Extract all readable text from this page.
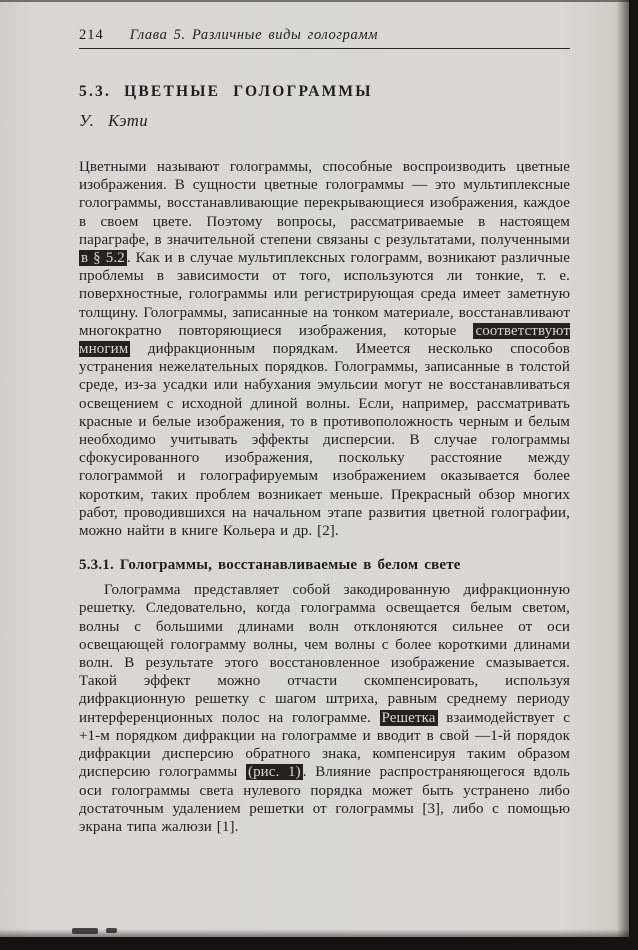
214 Глава 5. Различные виды голограмм
5.3. ЦВЕТНЫЕ ГОЛОГРАММЫ
У. Кэти

Цветными называют голограммы, способные воспроизводить цветные изображения. В сущности цветные голограммы — это мультиплексные голограммы, восстанавливающие перекрывающиеся изображения, каждое в своем цвете. Поэтому вопросы, рассматриваемые в настоящем параграфе, в значительной степени связаны с результатами, полученными в § 5.2 . Как и в случае мультиплексных голограмм, возникают различные проблемы в зависимости от того, используются ли тонкие, т. е. поверхностные, голограммы или регистрирующая среда имеет заметную толщину. Голограммы, записанные на тонком материале, восстанавливают многократно повторяющиеся изображения, которые соответствуют многим дифракционным порядкам. Имеется несколько способов устранения нежелательных порядков. Голограммы, записанные в толстой среде, из-за усадки или набухания эмульсии могут не восстанавливаться освещением с исходной длиной волны. Если, например, рассматривать красные и белые изображения, то в противоположность черным и белым необходимо учитывать эффекты дисперсии. В случае голограммы сфокусированного изображения, поскольку расстояние между голограммой и голографируемым изображением оказывается более коротким, таких проблем возникает меньше. Прекрасный обзор многих работ, проводившихся на начальном этапе развития цветной голографии, можно найти в книге Кольера и др. [2].

5.3.1. Голограммы, восстанавливаемые в белом свете

Голограмма представляет собой закодированную дифракционную решетку. Следовательно, когда голограмма освещается белым светом, волны с большими длинами волн отклоняются сильнее от оси освещающей голограмму волны, чем волны с более короткими длинами волн. В результате этого восстановленное изображение смазывается. Такой эффект можно отчасти скомпенсировать, используя дифракционную решетку с шагом штриха, равным среднему периоду интерференционных полос на голограмме. Решетка взаимодействует с +1-м порядком дифракции на голограмме и вводит в свой —1-й порядок дифракции дисперсию обратного знака, компенсируя таким образом дисперсию голограммы (рис. 1) . Влияние распространяющегося вдоль оси голограммы света нулевого порядка может быть устранено либо достаточным удалением решетки от голограммы [3], либо с помощью экрана типа жалюзи [1].
